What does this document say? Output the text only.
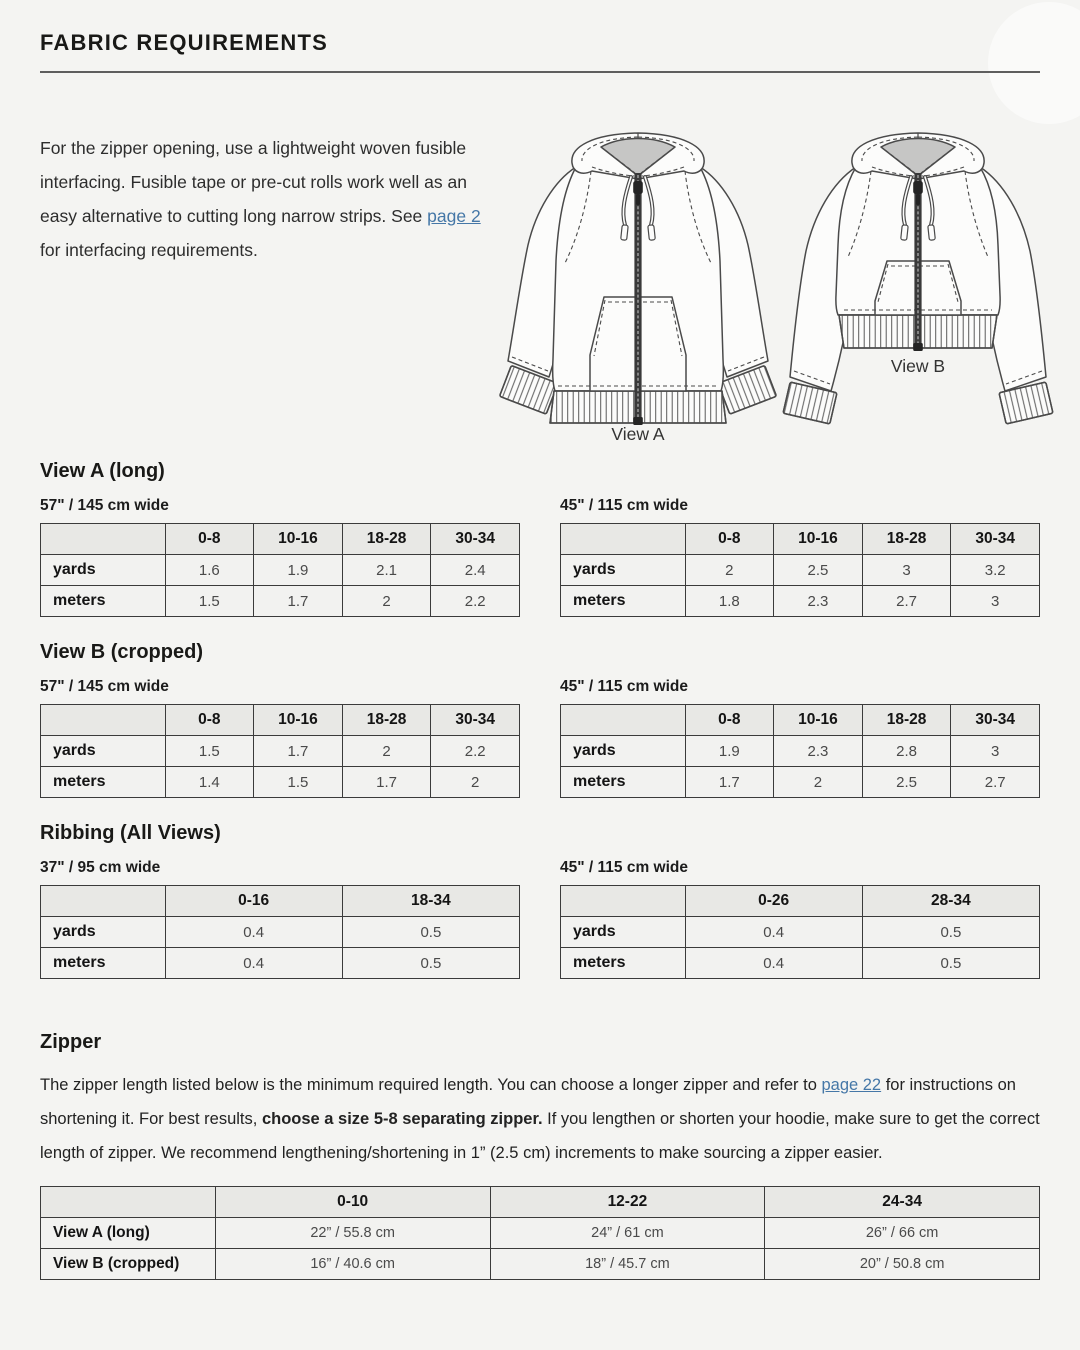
FABRIC REQUIREMENTS

For the zipper opening, use a lightweight woven fusible interfacing. Fusible tape or pre-cut rolls work well as an easy alternative to cutting long narrow strips. See page 2 for interfacing requirements.

View A
View B
View A (long)
57" / 145 cm wide
	0-8	10-16	18-28	30-34
yards	1.6	1.9	2.1	2.4
meters	1.5	1.7	2	2.2
45" / 115 cm wide
	0-8	10-16	18-28	30-34
yards	2	2.5	3	3.2
meters	1.8	2.3	2.7	3
View B (cropped)
57" / 145 cm wide
	0-8	10-16	18-28	30-34
yards	1.5	1.7	2	2.2
meters	1.4	1.5	1.7	2
45" / 115 cm wide
	0-8	10-16	18-28	30-34
yards	1.9	2.3	2.8	3
meters	1.7	2	2.5	2.7
Ribbing (All Views)
37" / 95 cm wide
	0-16	18-34
yards	0.4	0.5
meters	0.4	0.5
45" / 115 cm wide
	0-26	28-34
yards	0.4	0.5
meters	0.4	0.5
Zipper

The zipper length listed below is the minimum required length. You can choose a longer zipper and refer to page 22 for instructions on shortening it. For best results, choose a size 5-8 separating zipper. If you lengthen or shorten your hoodie, make sure to get the correct length of zipper. We recommend lengthening/shortening in 1” (2.5 cm) increments to make sourcing a zipper easier.

	0-10	12-22	24-34
View A (long)	22” / 55.8 cm	24” / 61 cm	26” / 66 cm
View B (cropped)	16” / 40.6 cm	18” / 45.7 cm	20” / 50.8 cm
